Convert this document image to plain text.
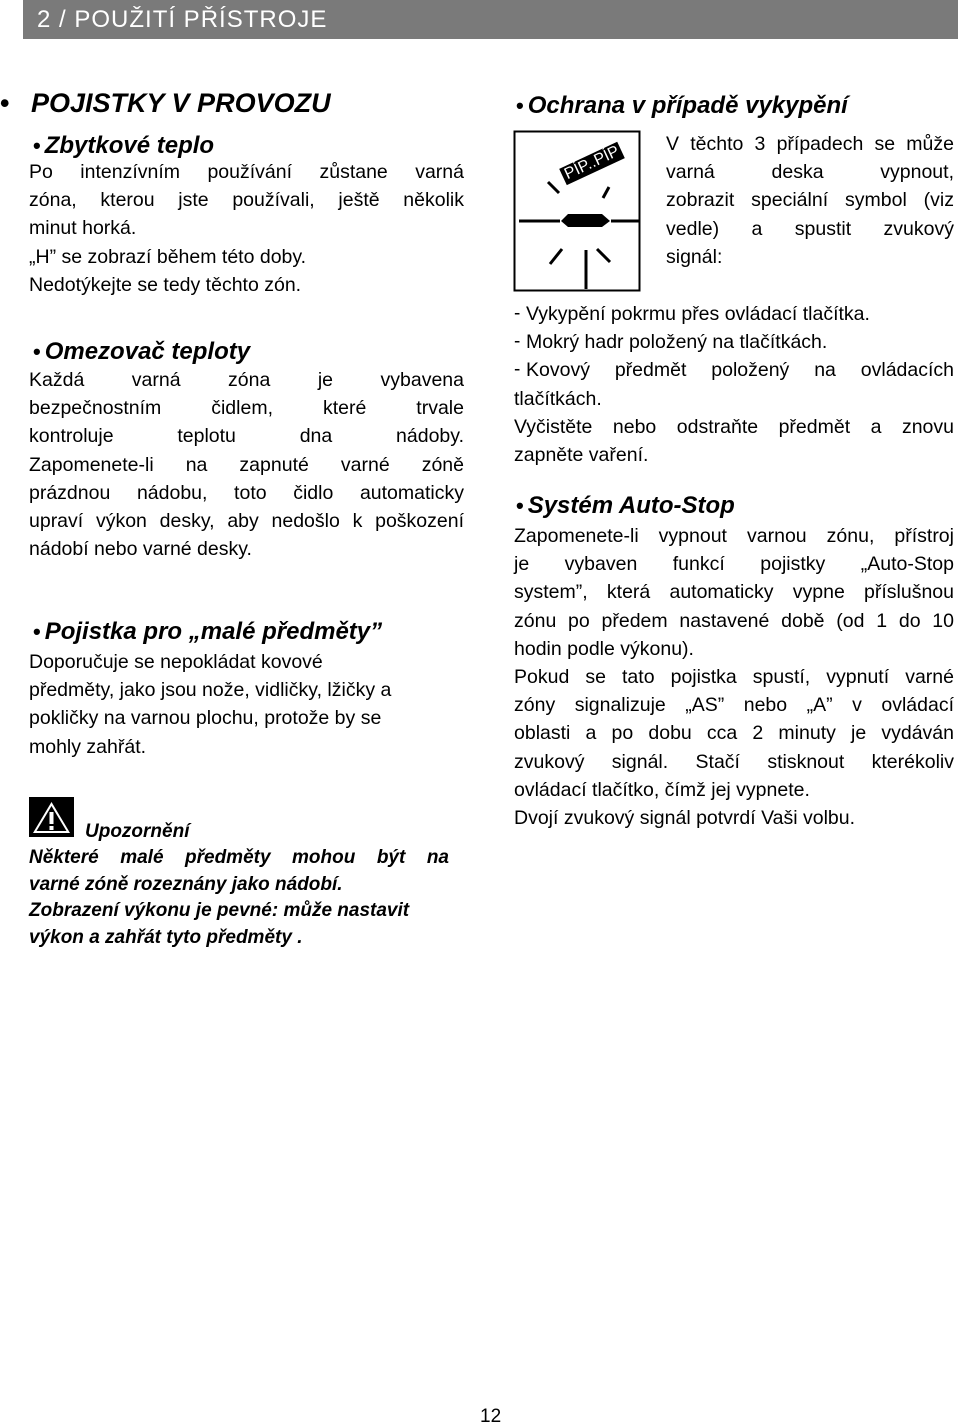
2 / POUŽITÍ PŘÍSTROJE
• POJISTKY V PROVOZU
• Zbytkové teplo

Po intenzívním používání zůstane varná

zóna, kterou jste používali, ještě několik

minut horká.

„H” se zobrazí během této doby.

Nedotýkejte se tedy těchto zón.

• Omezovač teploty

Každá varná zóna je vybavena

bezpečnostním čidlem, které trvale

kontroluje teplotu dna nádoby.

Zapomenete-li na zapnuté varné zóně

prázdnou nádobu, toto čidlo automaticky

upraví výkon desky, aby nedošlo k poškození

nádobí nebo varné desky.

• Pojistka pro „malé předměty”

Doporučuje se nepokládat kovové

předměty, jako jsou nože, vidličky, lžičky a

pokličky na varnou plochu, protože by se

mohly zahřát.

Upozornění
Některé malé předměty mohou být na
varné zóně rozeznány jako nádobí.
Zobrazení výkonu je pevné: může nastavit
výkon a zahřát tyto předměty .
• Ochrana v případě vykypění
PÍP..PÍP V těchto 3 případech se může

varná deska vypnout,

zobrazit speciální symbol (viz

vedle) a spustit zvukový

signál:

- Vykypění pokrmu přes ovládací tlačítka.

- Mokrý hadr položený na tlačítkách.

- Kovový předmět položený na ovládacích

tlačítkách.

Vyčistěte nebo odstraňte předmět a znovu

zapněte vaření.

• Systém Auto-Stop

Zapomenete-li vypnout varnou zónu, přístroj

je vybaven funkcí pojistky „Auto-Stop

system”, která automaticky vypne příslušnou

zónu po předem nastavené době (od 1 do 10

hodin podle výkonu).

Pokud se tato pojistka spustí, vypnutí varné

zóny signalizuje „AS” nebo „A” v ovládací

oblasti a po dobu cca 2 minuty je vydáván

zvukový signál. Stačí stisknout kterékoliv

ovládací tlačítko, čímž jej vypnete.

Dvojí zvukový signál potvrdí Vaši volbu.

12
